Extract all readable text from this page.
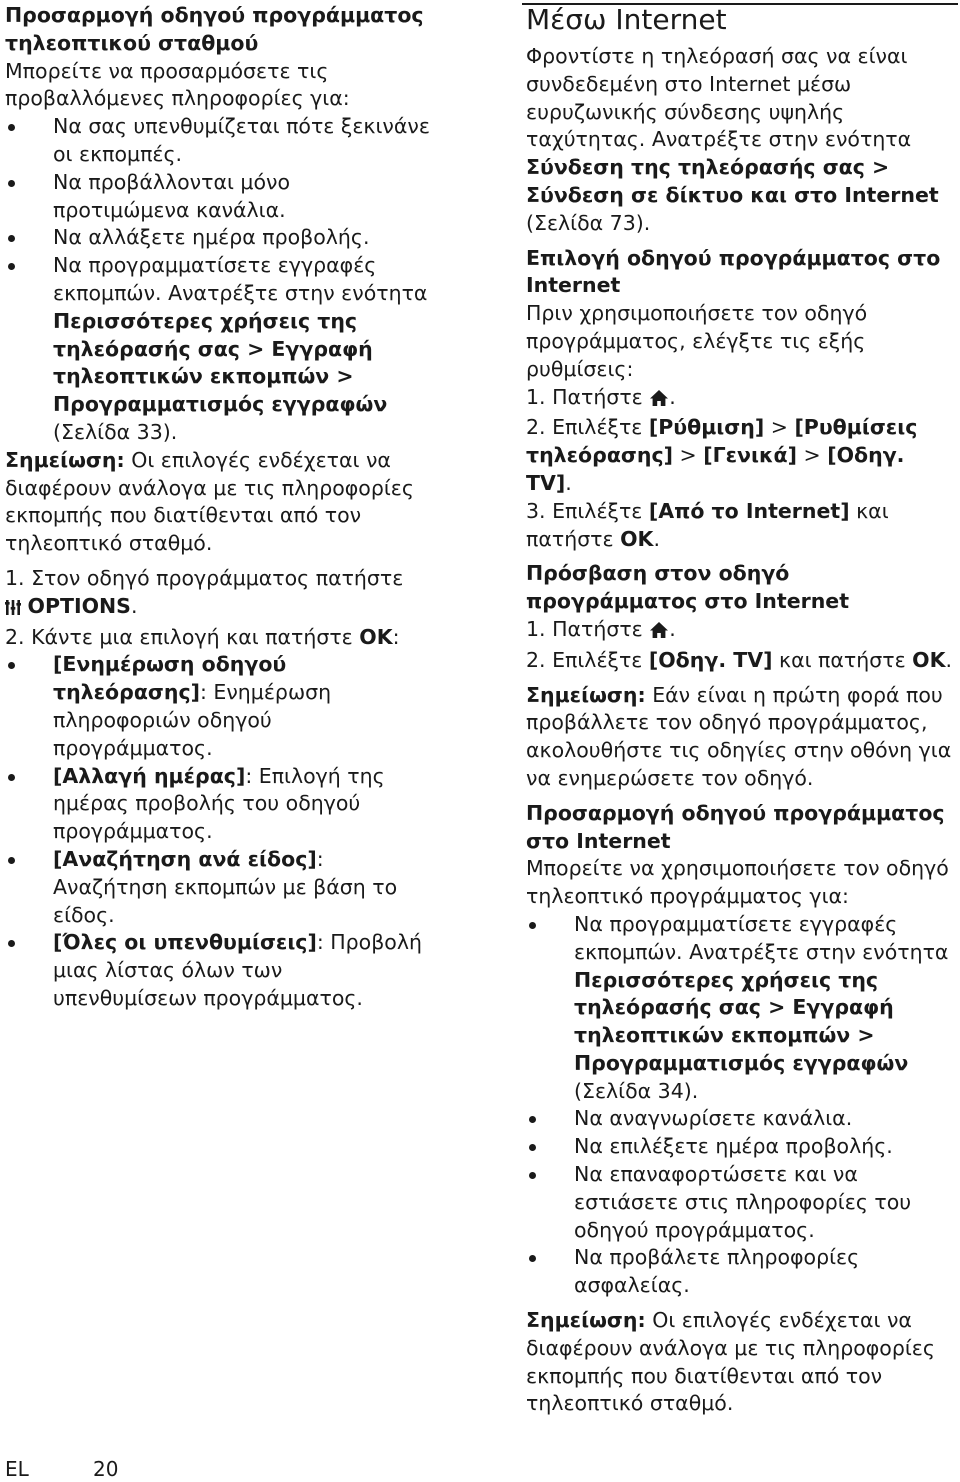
Προσαρμογή οδηγού προγράμματος τηλεοπτικού σταθμού

Μπορείτε να προσαρμόσετε τις προβαλλόμενες πληροφορίες για:

Να σας υπενθυμίζεται πότε ξεκινάνε οι εκπομπές.
Να προβάλλονται μόνο προτιμώμενα κανάλια.
Να αλλάξετε ημέρα προβολής.
Να προγραμματίσετε εγγραφές εκπομπών. Ανατρέξτε στην ενότητα Περισσότερες χρήσεις της τηλεόρασής σας > Εγγραφή τηλεοπτικών εκπομπών > Προγραμματισμός εγγραφών (Σελίδα 33).

Σημείωση: Οι επιλογές ενδέχεται να διαφέρουν ανάλογα με τις πληροφορίες εκπομπής που διατίθενται από τον τηλεοπτικό σταθμό.

1. Στον οδηγό προγράμματος πατήστε
OPTIONS.

2. Κάντε μια επιλογή και πατήστε OK:

[Ενημέρωση οδηγού τηλεόρασης]: Ενημέρωση πληροφοριών οδηγού προγράμματος.
[Αλλαγή ημέρας]: Επιλογή της ημέρας προβολής του οδηγού προγράμματος.
[Αναζήτηση ανά είδος]: Αναζήτηση εκπομπών με βάση το είδος.
[Όλες οι υπενθυμίσεις]: Προβολή μιας λίστας όλων των υπενθυμίσεων προγράμματος.
Μέσω Internet

Φροντίστε η τηλεόρασή σας να είναι συνδεδεμένη στο Internet μέσω ευρυζωνικής σύνδεσης υψηλής ταχύτητας. Ανατρέξτε στην ενότητα Σύνδεση της τηλεόρασής σας > Σύνδεση σε δίκτυο και στο Internet (Σελίδα 73).

Επιλογή οδηγού προγράμματος στο Internet

Πριν χρησιμοποιήσετε τον οδηγό προγράμματος, ελέγξτε τις εξής ρυθμίσεις:

1. Πατήστε .

2. Επιλέξτε [Ρύθμιση] > [Ρυθμίσεις τηλεόρασης] > [Γενικά] > [Οδηγ. TV].

3. Επιλέξτε [Από το Internet] και πατήστε OK.

Πρόσβαση στον οδηγό προγράμματος στο Internet

1. Πατήστε .

2. Επιλέξτε [Οδηγ. TV] και πατήστε OK.

Σημείωση: Εάν είναι η πρώτη φορά που προβάλλετε τον οδηγό προγράμματος, ακολουθήστε τις οδηγίες στην οθόνη για να ενημερώσετε τον οδηγό.

Προσαρμογή οδηγού προγράμματος στο Internet

Μπορείτε να χρησιμοποιήσετε τον οδηγό τηλεοπτικό προγράμματος για:

Να προγραμματίσετε εγγραφές εκπομπών. Ανατρέξτε στην ενότητα Περισσότερες χρήσεις της τηλεόρασής σας > Εγγραφή τηλεοπτικών εκπομπών > Προγραμματισμός εγγραφών (Σελίδα 34).
Να αναγνωρίσετε κανάλια.
Να επιλέξετε ημέρα προβολής.
Να επαναφορτώσετε και να εστιάσετε στις πληροφορίες του οδηγού προγράμματος.
Να προβάλετε πληροφορίες ασφαλείας.

Σημείωση: Οι επιλογές ενδέχεται να διαφέρουν ανάλογα με τις πληροφορίες εκπομπής που διατίθενται από τον τηλεοπτικό σταθμό.

EL	20
